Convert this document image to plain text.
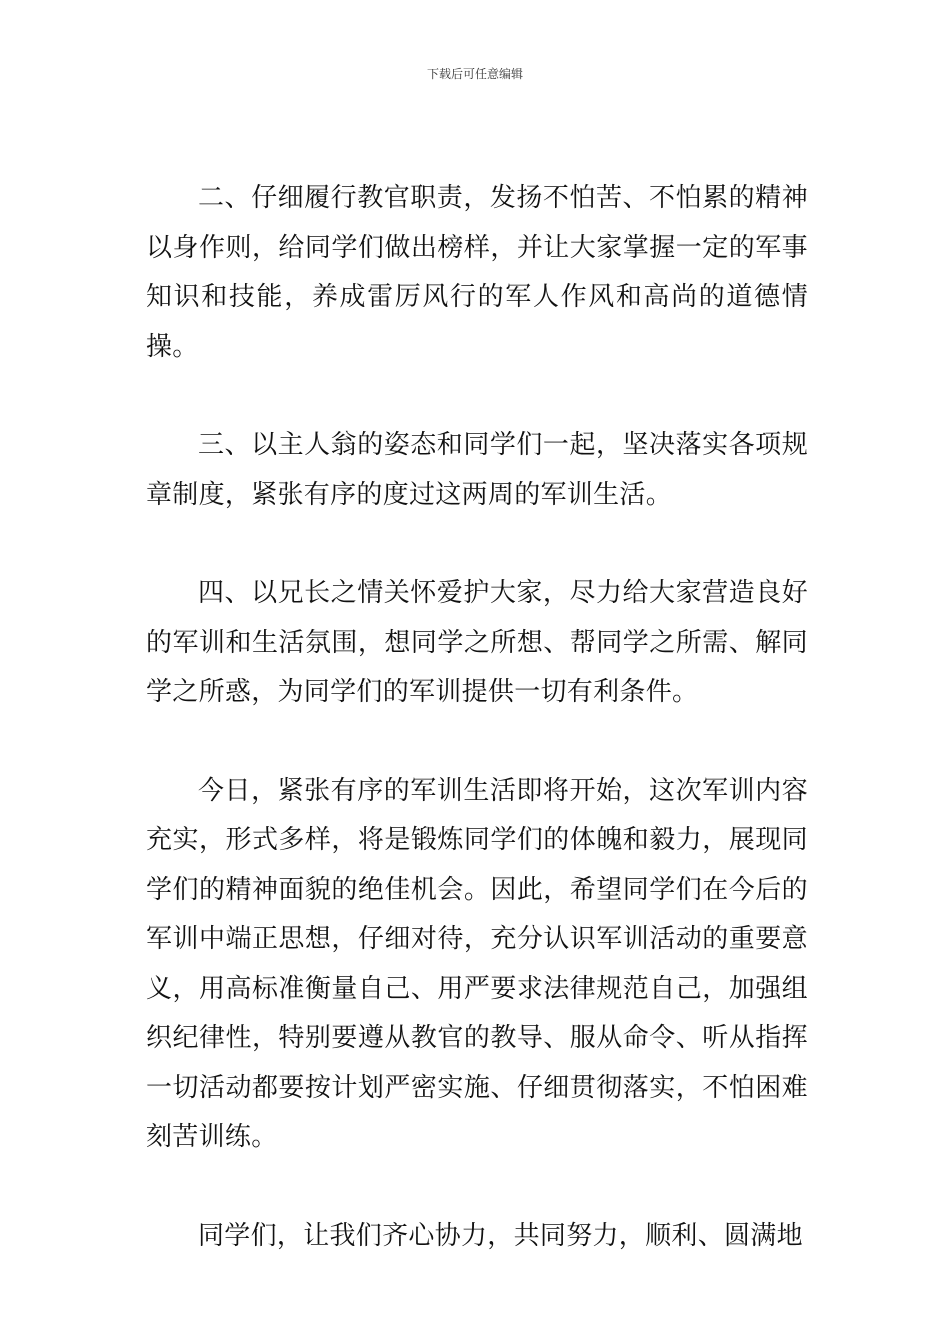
下载后可任意编辑

二、仔细履行教官职责，发扬不怕苦、不怕累的精神以身作则，给同学们做出榜样，并让大家掌握一定的军事知识和技能，养成雷厉风行的军人作风和高尚的道德情操。

三、以主人翁的姿态和同学们一起，坚决落实各项规章制度，紧张有序的度过这两周的军训生活。

四、以兄长之情关怀爱护大家，尽力给大家营造良好的军训和生活氛围，想同学之所想、帮同学之所需、解同学之所惑，为同学们的军训提供一切有利条件。

今日，紧张有序的军训生活即将开始，这次军训内容充实，形式多样，将是锻炼同学们的体魄和毅力，展现同学们的精神面貌的绝佳机会。因此，希望同学们在今后的军训中端正思想，仔细对待，充分认识军训活动的重要意义，用高标准衡量自己、用严要求法律规范自己，加强组织纪律性，特别要遵从教官的教导、服从命令、听从指挥一切活动都要按计划严密实施、仔细贯彻落实，不怕困难刻苦训练。

同学们，让我们齐心协力，共同努力，顺利、圆满地
